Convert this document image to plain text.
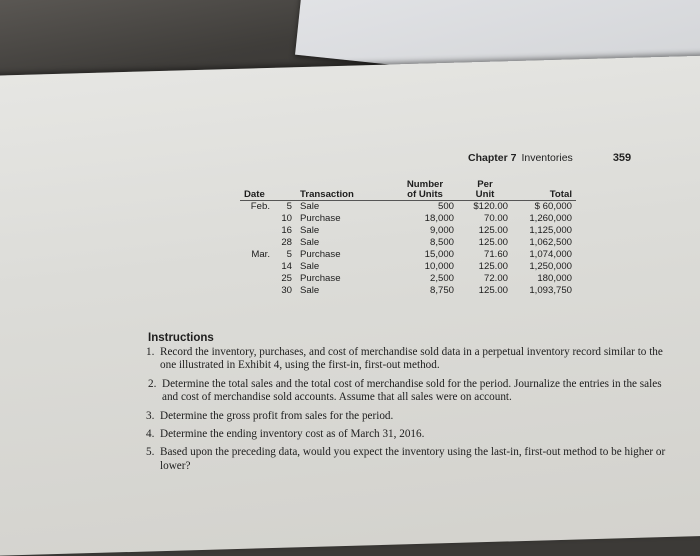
Chapter 7 Inventories	359
			Number	Per	
Date		Transaction	of Units	Unit	Total
Feb.	5	Sale	500	$120.00	$ 60,000
	10	Purchase	18,000	70.00	1,260,000
	16	Sale	9,000	125.00	1,125,000
	28	Sale	8,500	125.00	1,062,500
Mar.	5	Purchase	15,000	71.60	1,074,000
	14	Sale	10,000	125.00	1,250,000
	25	Purchase	2,500	72.00	180,000
	30	Sale	8,750	125.00	1,093,750
Instructions
1. Record the inventory, purchases, and cost of merchandise sold data in a perpetual inventory record similar to the one illustrated in Exhibit 4, using the first-in, first-out method.
2. Determine the total sales and the total cost of merchandise sold for the period. Journalize the entries in the sales and cost of merchandise sold accounts. Assume that all sales were on account.
3. Determine the gross profit from sales for the period.
4. Determine the ending inventory cost as of March 31, 2016.
5. Based upon the preceding data, would you expect the inventory using the last-in, first-out method to be higher or lower?
